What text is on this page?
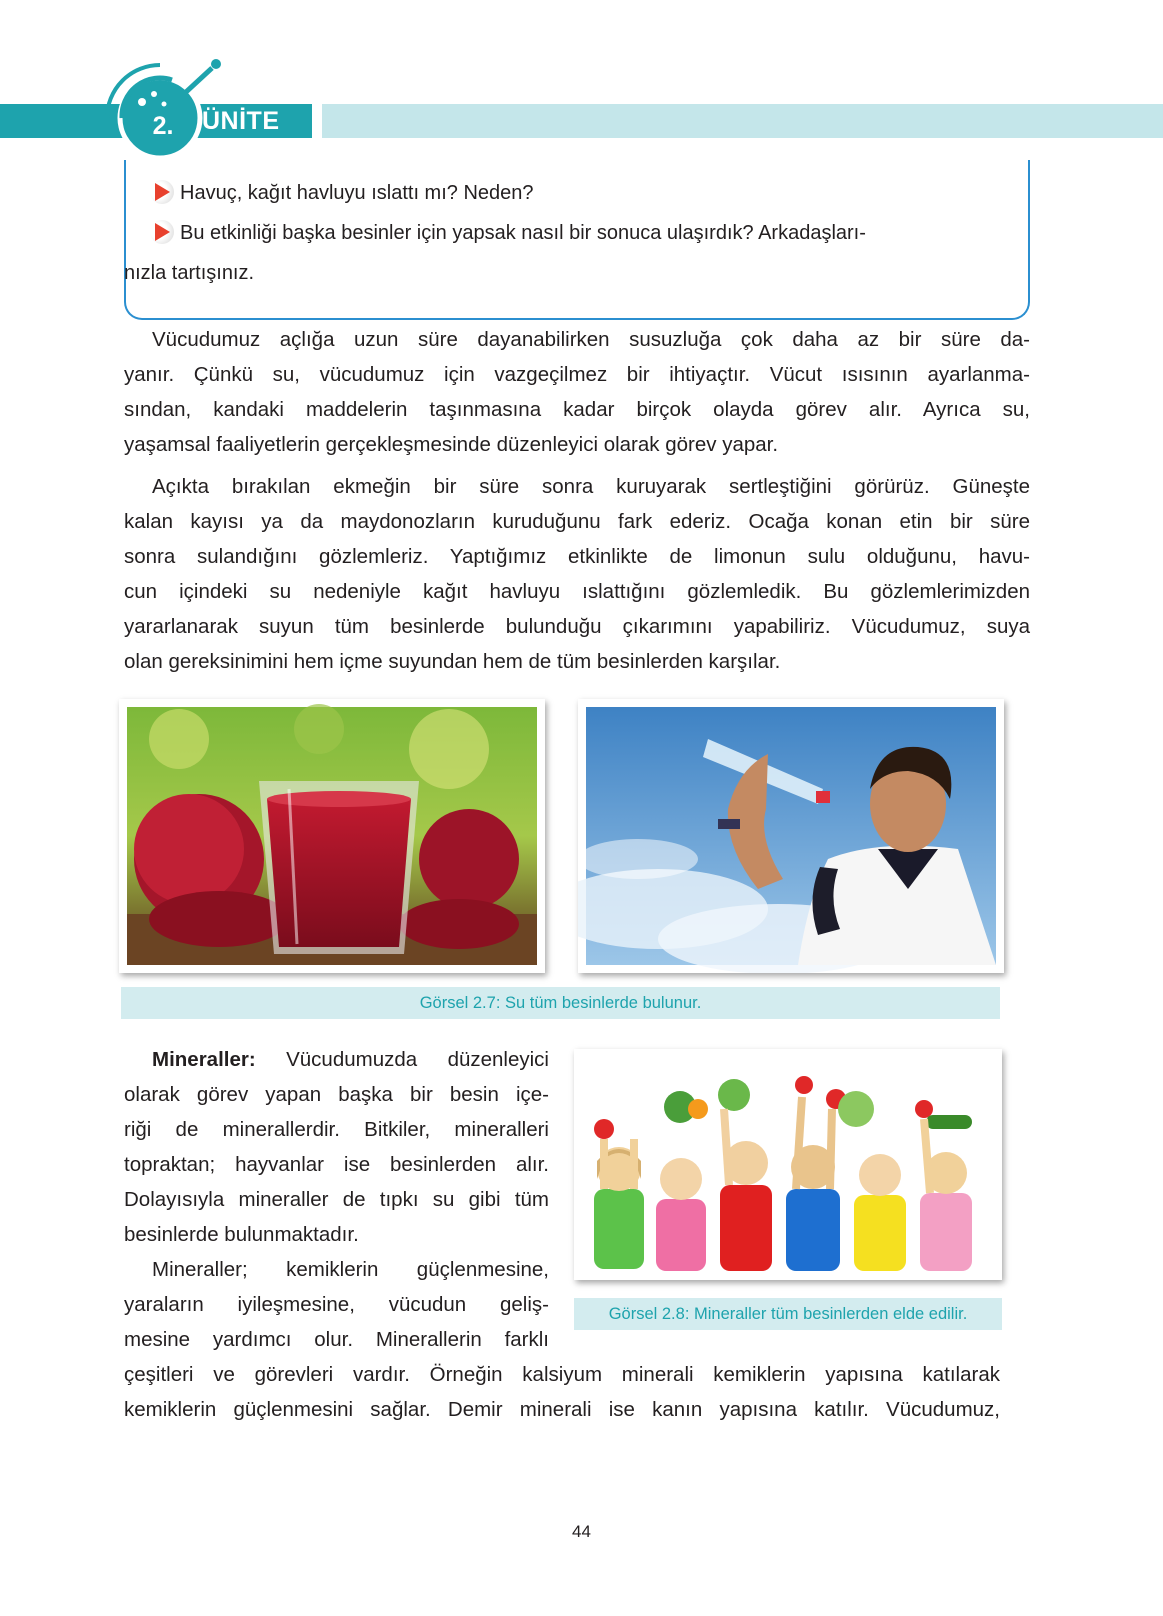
2.	ÜNİTE
Havuç, kağıt havluyu ıslattı mı? Neden?
Bu etkinliği başka besinler için yapsak nasıl bir sonuca ulaşırdık? Arkadaşları-
nızla tartışınız.
Vücudumuz açlığa uzun süre dayanabilirken susuzluğa çok daha az bir süre da-
yanır. Çünkü su, vücudumuz için vazgeçilmez bir ihtiyaçtır. Vücut ısısının ayarlanma-
sından, kandaki maddelerin taşınmasına kadar birçok olayda görev alır. Ayrıca su,
yaşamsal faaliyetlerin gerçekleşmesinde düzenleyici olarak görev yapar.
Açıkta bırakılan ekmeğin bir süre sonra kuruyarak sertleştiğini görürüz. Güneşte
kalan kayısı ya da maydonozların kuruduğunu fark ederiz. Ocağa konan etin bir süre
sonra sulandığını gözlemleriz. Yaptığımız etkinlikte de limonun sulu olduğunu, havu-
cun içindeki su nedeniyle kağıt havluyu ıslattığını gözlemledik. Bu gözlemlerimizden
yararlanarak suyun tüm besinlerde bulunduğu çıkarımını yapabiliriz. Vücudumuz, suya
olan gereksinimini hem içme suyundan hem de tüm besinlerden karşılar.
Görsel 2.7: Su tüm besinlerde bulunur.
Mineraller: Vücudumuzda düzenleyici
olarak görev yapan başka bir besin içe-
riği de minerallerdir. Bitkiler, mineralleri
topraktan; hayvanlar ise besinlerden alır.
Dolayısıyla mineraller de tıpkı su gibi tüm
besinlerde bulunmaktadır.
Mineraller; kemiklerin güçlenmesine,
yaraların iyileşmesine, vücudun geliş-
mesine yardımcı olur. Minerallerin farklı
çeşitleri ve görevleri vardır. Örneğin kalsiyum minerali kemiklerin yapısına katılarak
kemiklerin güçlenmesini sağlar. Demir minerali ise kanın yapısına katılır. Vücudumuz,
Görsel 2.8: Mineraller tüm besinlerden elde edilir.
44
